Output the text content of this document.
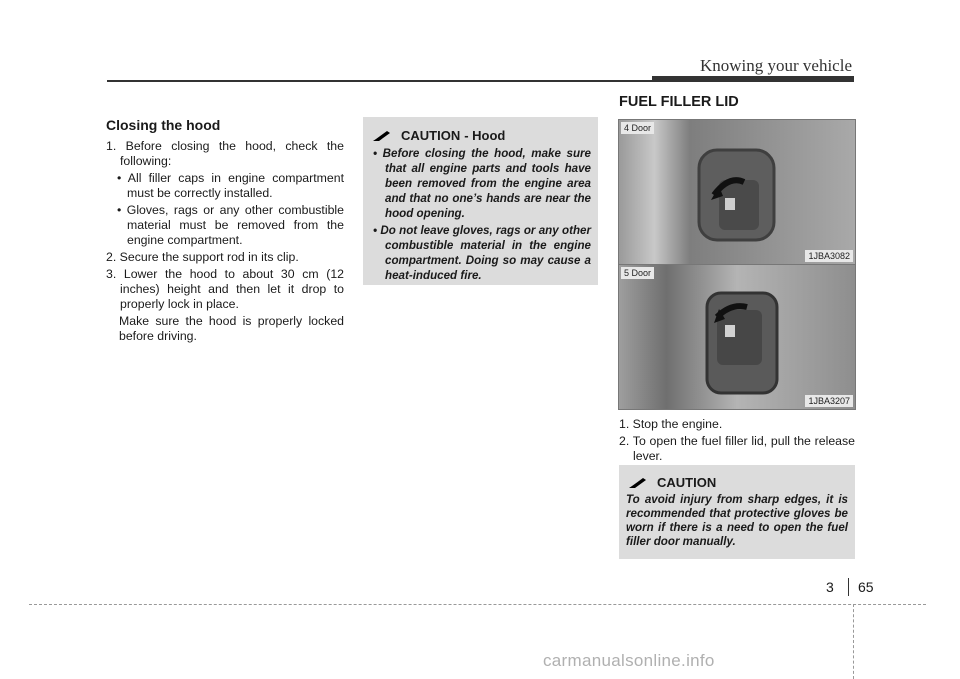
Knowing your vehicle
Closing the hood

1. Before closing the hood, check the following:

• All filler caps in engine compartment must be correctly installed.

• Gloves, rags or any other combustible material must be removed from the engine compartment.

2. Secure the support rod in its clip.

3. Lower the hood to about 30 cm (12 inches) height and then let it drop to properly lock in place.

Make sure the hood is properly locked before driving.

CAUTION - Hood

• Before closing the hood, make sure that all engine parts and tools have been removed from the engine area and that no one’s hands are near the hood opening.

• Do not leave gloves, rags or any other combustible material in the engine compartment. Doing so may cause a heat-induced fire.

FUEL FILLER LID
4 Door
1JBA3082
5 Door
1JBA3207

1. Stop the engine.

2. To open the fuel filler lid, pull the release lever.

CAUTION
To avoid injury from sharp edges, it is recommended that protective gloves be worn if there is a need to open the fuel filler door manually.
3 65
carmanualsonline.info
